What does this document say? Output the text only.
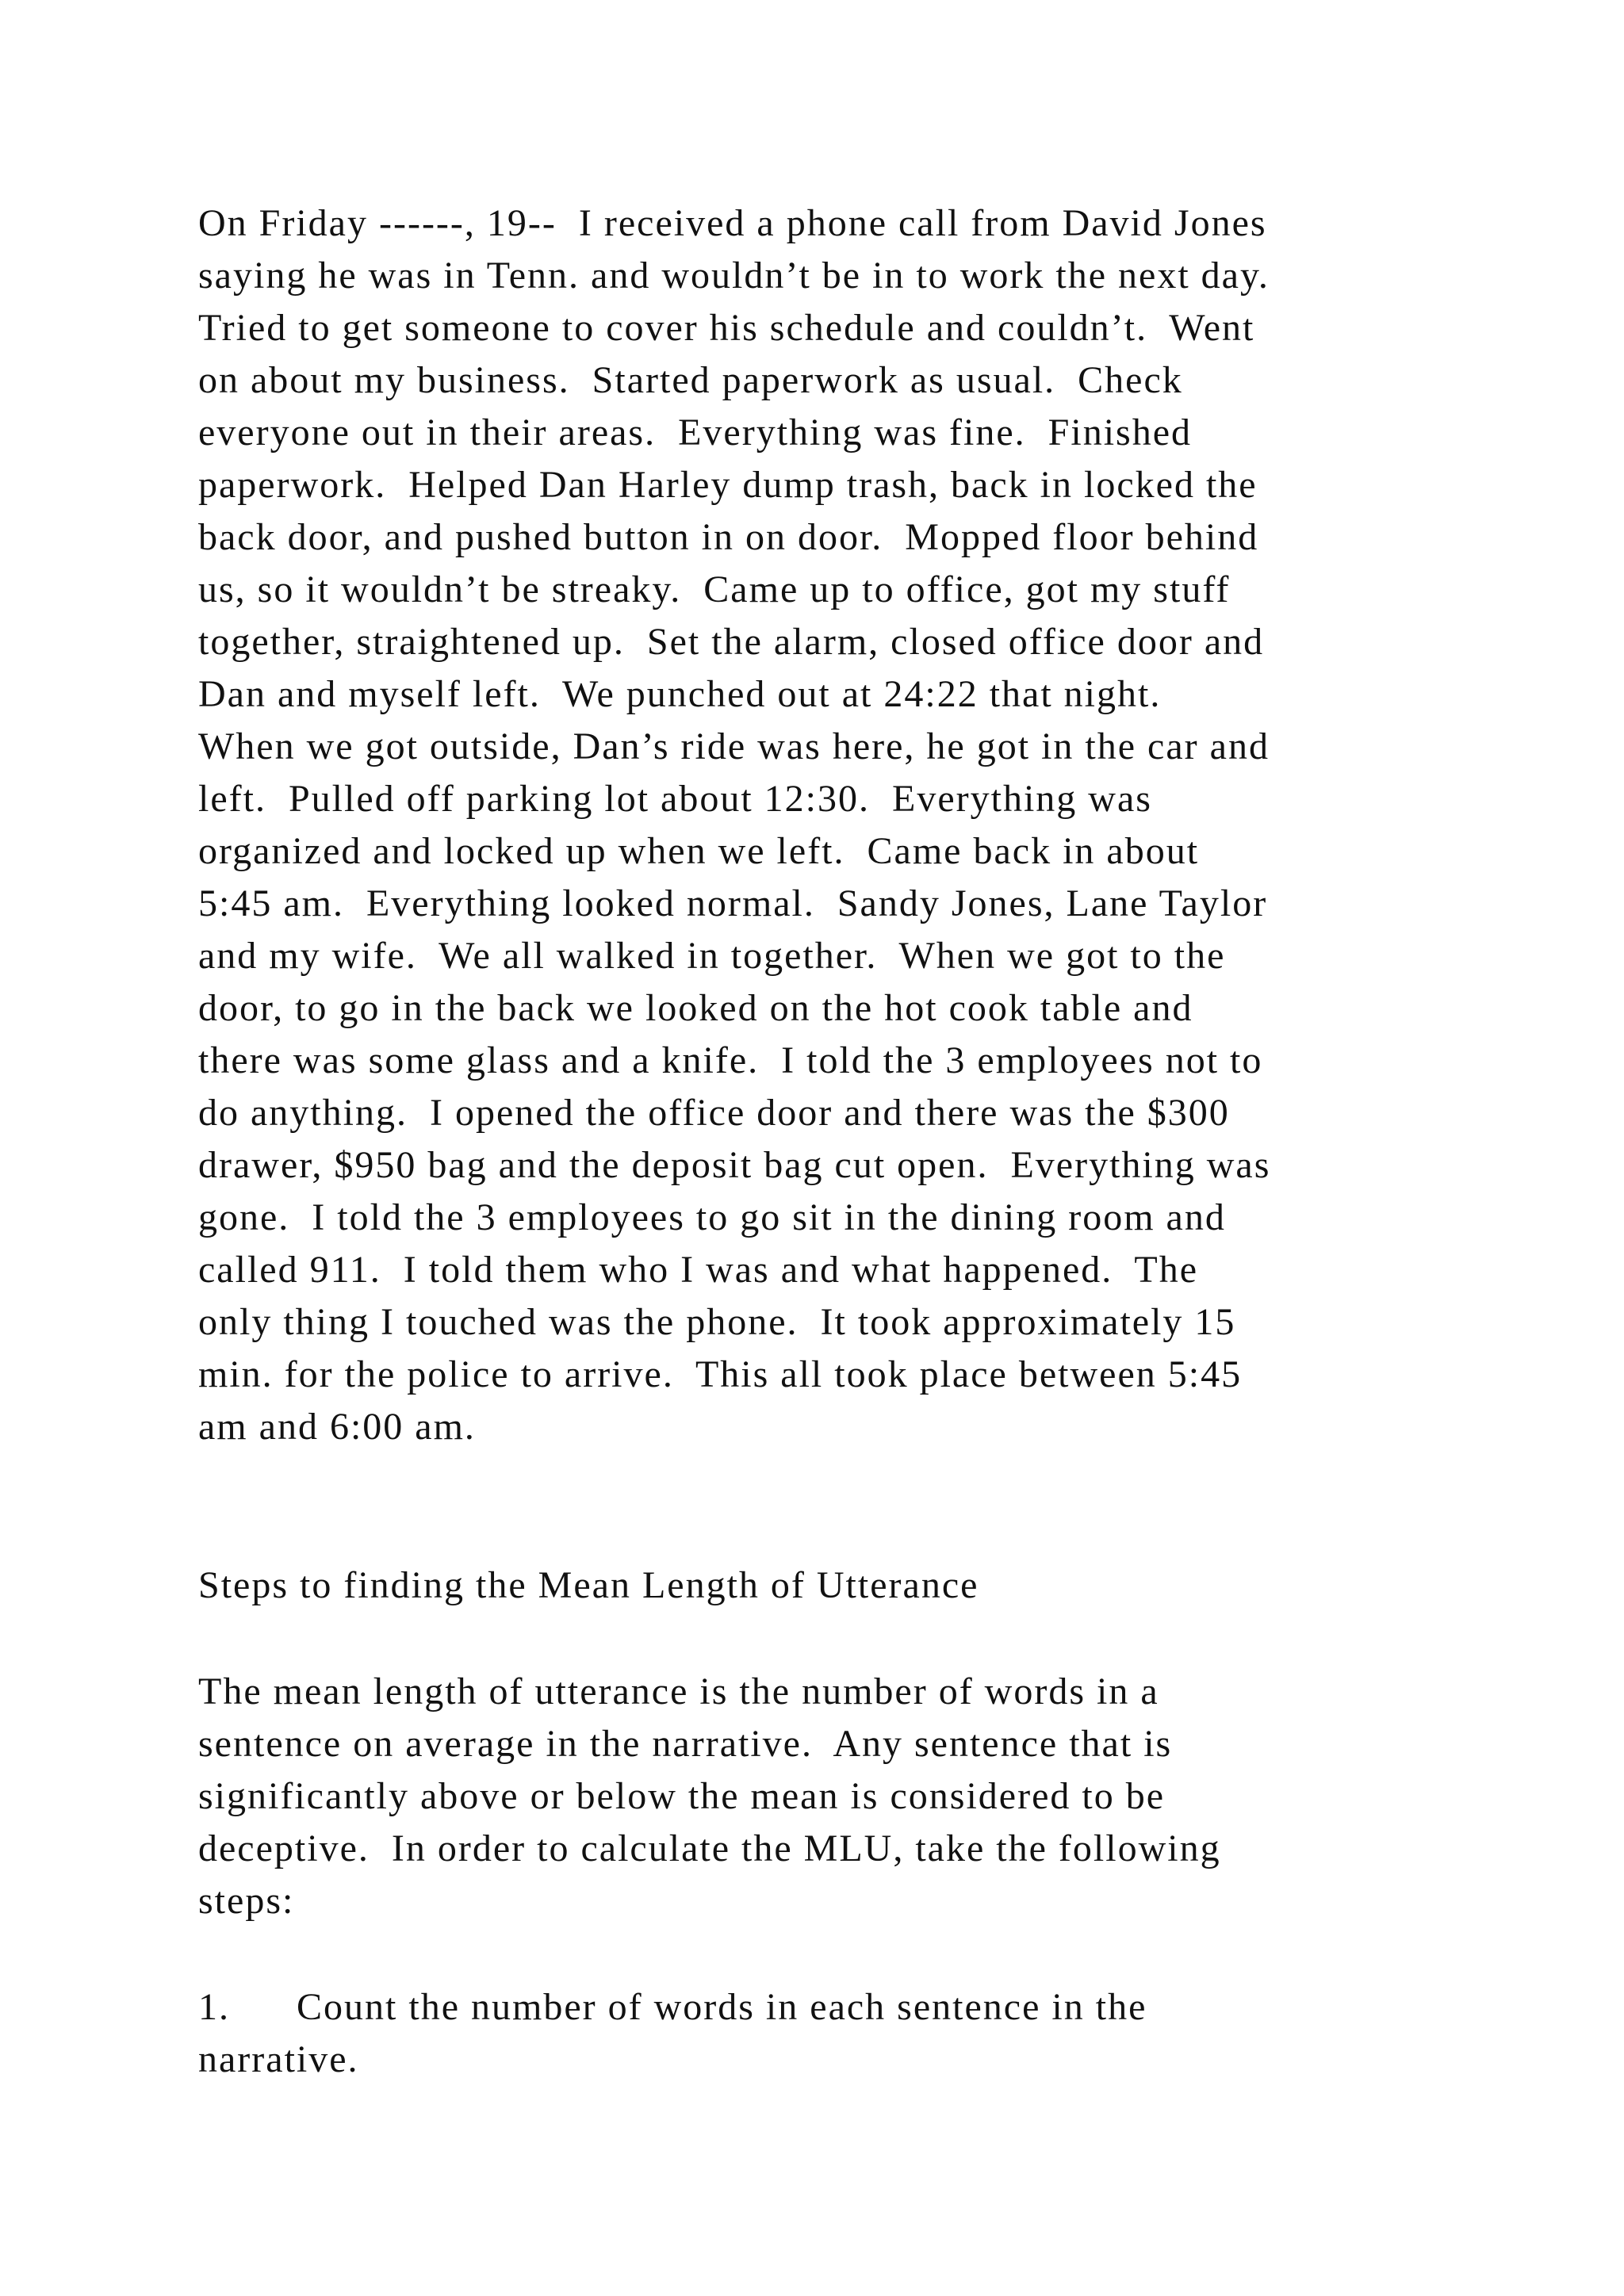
On Friday ------, 19--  I received a phone call from David Jones
saying he was in Tenn. and wouldn’t be in to work the next day.
Tried to get someone to cover his schedule and couldn’t.  Went
on about my business.  Started paperwork as usual.  Check
everyone out in their areas.  Everything was fine.  Finished
paperwork.  Helped Dan Harley dump trash, back in locked the
back door, and pushed button in on door.  Mopped floor behind
us, so it wouldn’t be streaky.  Came up to office, got my stuff
together, straightened up.  Set the alarm, closed office door and
Dan and myself left.  We punched out at 24:22 that night.
When we got outside, Dan’s ride was here, he got in the car and
left.  Pulled off parking lot about 12:30.  Everything was
organized and locked up when we left.  Came back in about
5:45 am.  Everything looked normal.  Sandy Jones, Lane Taylor
and my wife.  We all walked in together.  When we got to the
door, to go in the back we looked on the hot cook table and
there was some glass and a knife.  I told the 3 employees not to
do anything.  I opened the office door and there was the $300
drawer, $950 bag and the deposit bag cut open.  Everything was
gone.  I told the 3 employees to go sit in the dining room and
called 911.  I told them who I was and what happened.  The
only thing I touched was the phone.  It took approximately 15
min. for the police to arrive.  This all took place between 5:45
am and 6:00 am.
Steps to finding the Mean Length of Utterance
The mean length of utterance is the number of words in a
sentence on average in the narrative.  Any sentence that is
significantly above or below the mean is considered to be
deceptive.  In order to calculate the MLU, take the following
steps:
1. Count the number of words in each sentence in the
narrative.
